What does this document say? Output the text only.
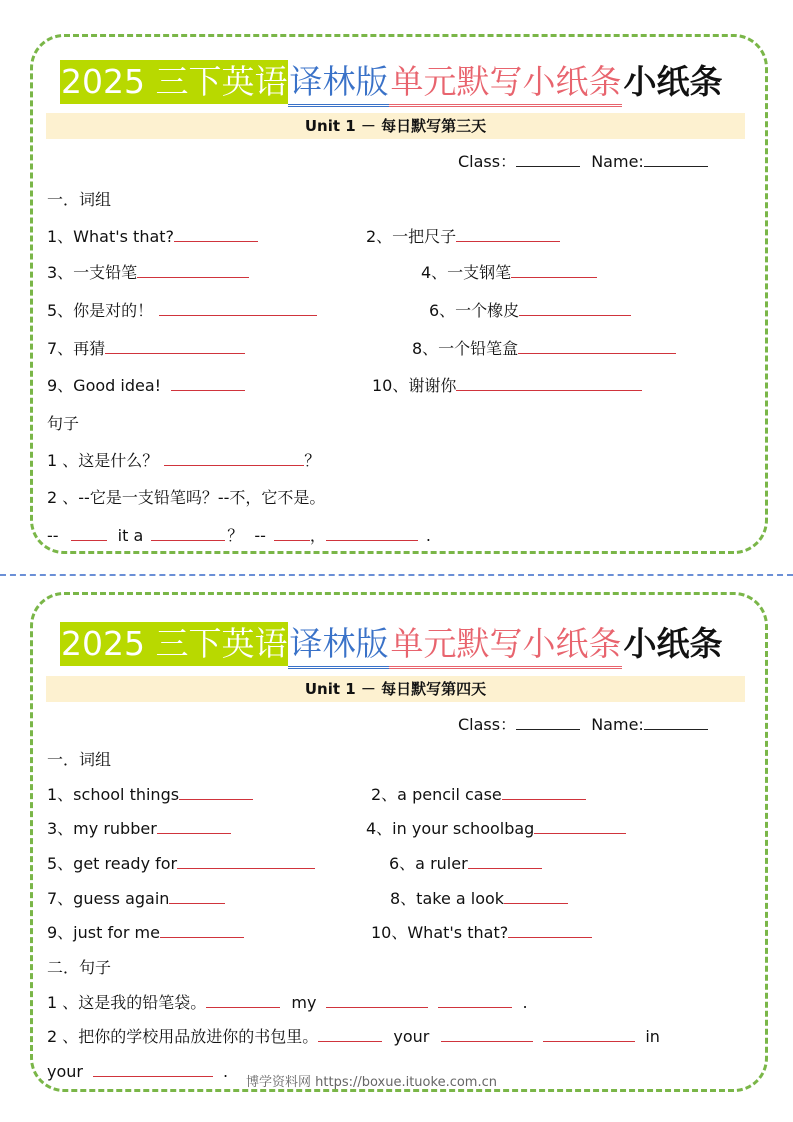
2025 三下英语译林版单元默写小纸条小纸条
Unit 1 － 每日默写第三天
Class：	Name:
一．词组
1、What's that?	2、一把尺子
3、一支铅笔	4、一支钢笔
5、你是对的！	6、一个橡皮
7、再猜	8、一个铅笔盒
9、Good idea!	10、谢谢你
句子
1 、这是什么？	？
2 、--它是一支铅笔吗？--不，它不是。
--	it a	？ --	，	.
2025 三下英语译林版单元默写小纸条小纸条
Unit 1 － 每日默写第四天
Class：	Name:
一．词组
1、school things	2、a pencil case
3、my rubber	4、in your schoolbag
5、get ready for	6、a ruler
7、guess again	8、take a look
9、just for me	10、What's that?
二．句子
1 、这是我的铅笔袋。	my	.
2 、把你的学校用品放进你的书包里。	your	in
your	.
博学资料网 https://boxue.ituoke.com.cn
